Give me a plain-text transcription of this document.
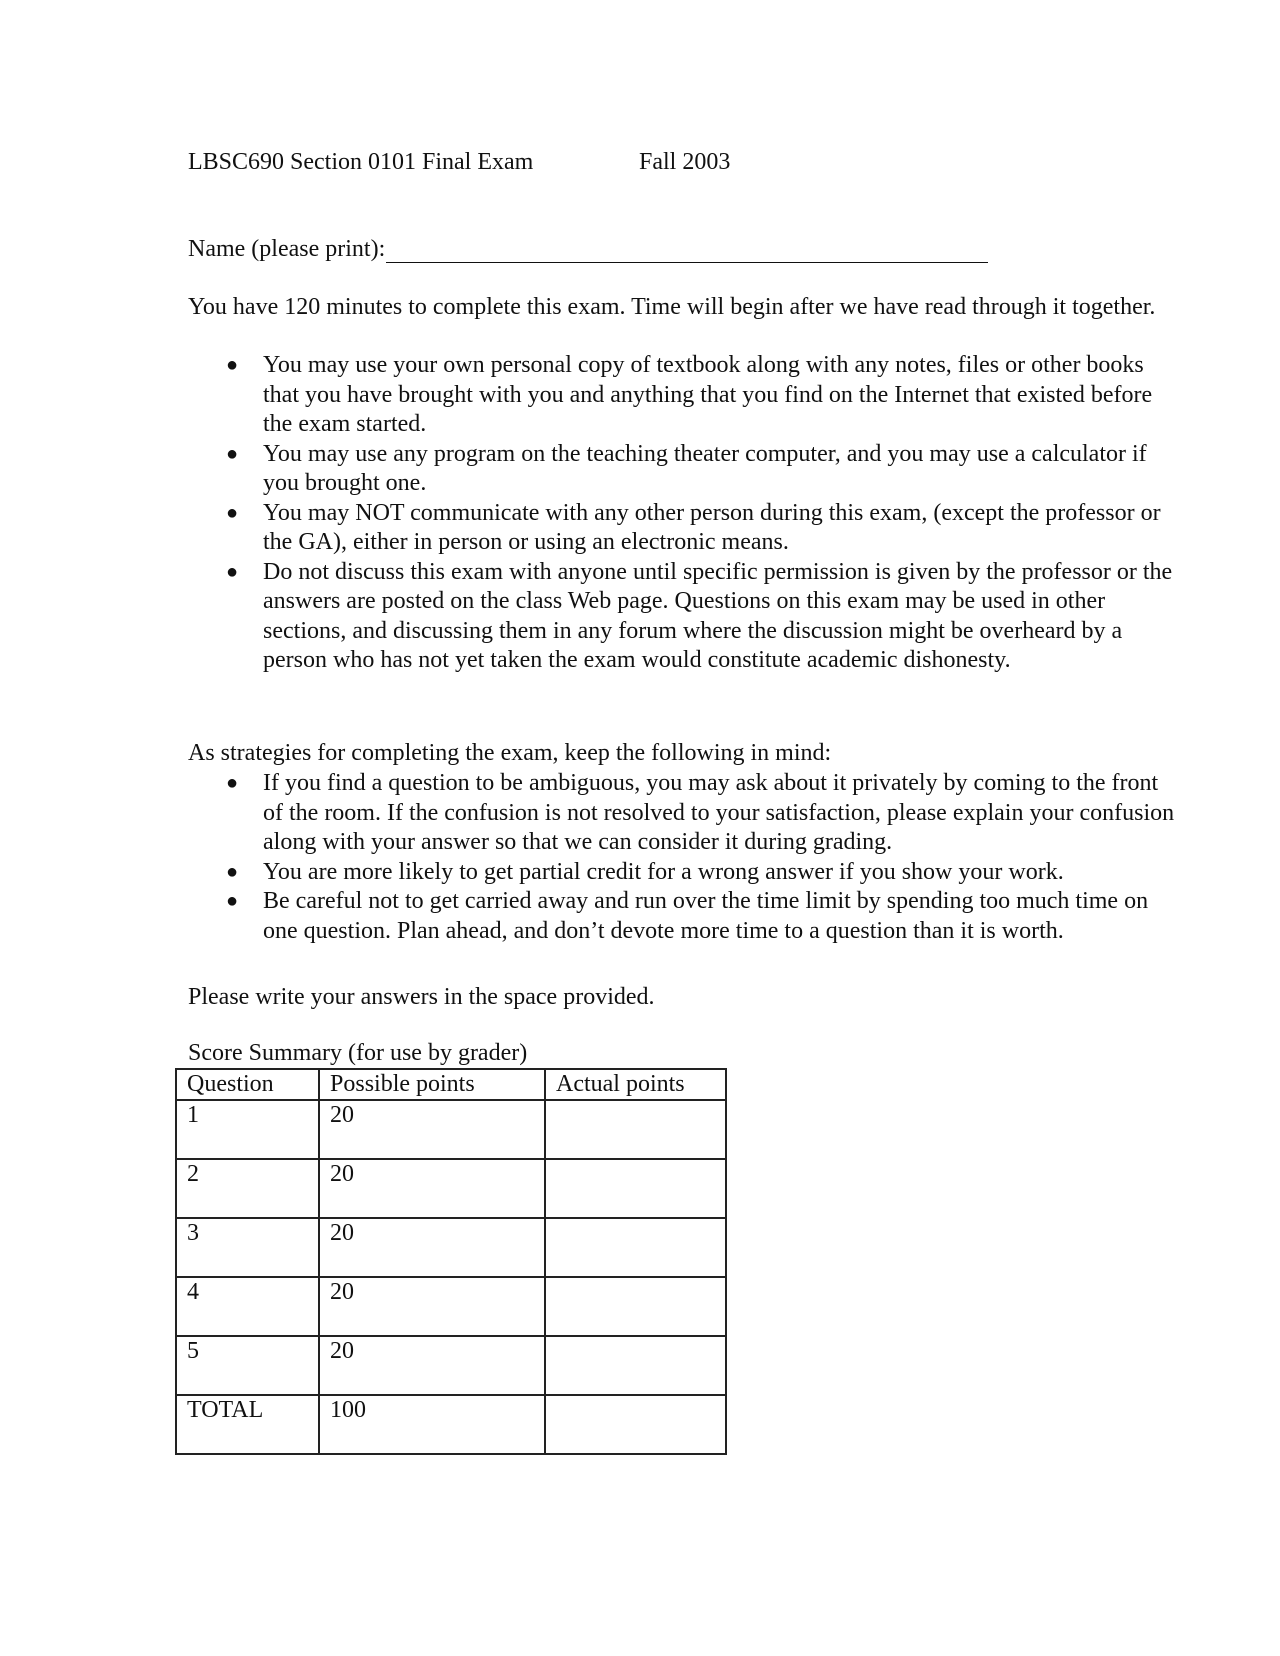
LBSC690 Section 0101 Final Exam	Fall 2003
Name (please print):
You have 120 minutes to complete this exam. Time will begin after we have read through it together.
● You may use your own personal copy of textbook along with any notes, files or other books that you have brought with you and anything that you find on the Internet that existed before the exam started.
● You may use any program on the teaching theater computer, and you may use a calculator if you brought one.
● You may NOT communicate with any other person during this exam, (except the professor or the GA), either in person or using an electronic means.
● Do not discuss this exam with anyone until specific permission is given by the professor or the answers are posted on the class Web page. Questions on this exam may be used in other sections, and discussing them in any forum where the discussion might be overheard by a person who has not yet taken the exam would constitute academic dishonesty.
As strategies for completing the exam, keep the following in mind:
● If you find a question to be ambiguous, you may ask about it privately by coming to the front of the room. If the confusion is not resolved to your satisfaction, please explain your confusion along with your answer so that we can consider it during grading.
● You are more likely to get partial credit for a wrong answer if you show your work.
● Be careful not to get carried away and run over the time limit by spending too much time on one question. Plan ahead, and don’t devote more time to a question than it is worth.
Please write your answers in the space provided.
Score Summary (for use by grader)
Question	Possible points	Actual points
1	20	
2	20	
3	20	
4	20	
5	20	
TOTAL	100	
